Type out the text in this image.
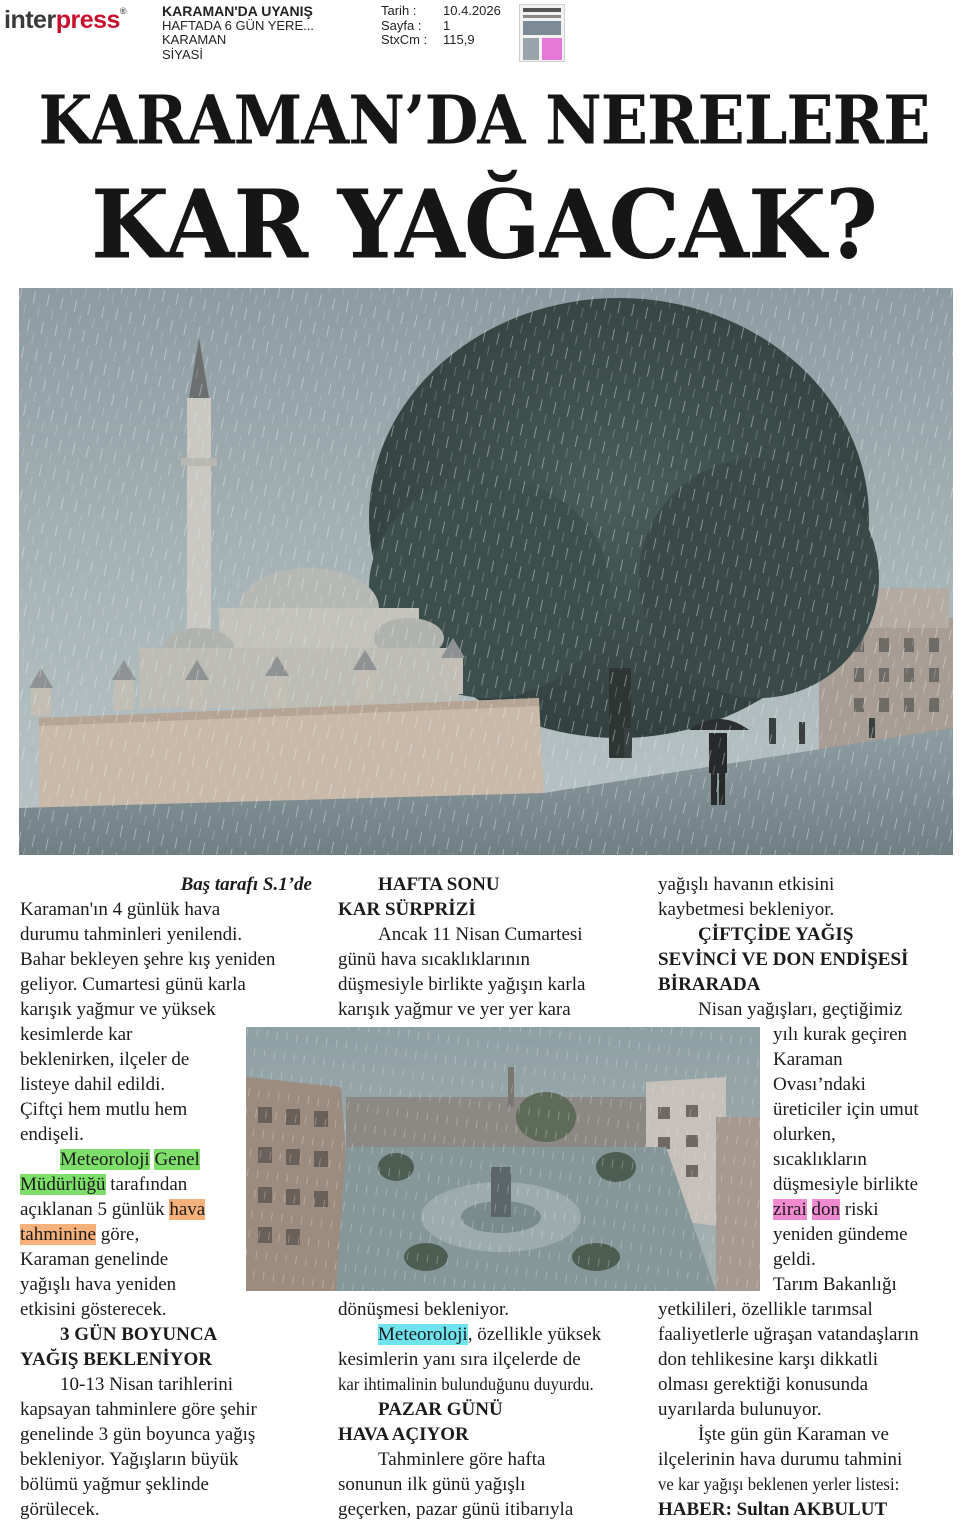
interpress®	KARAMAN'DA UYANIŞ
HAFTADA 6 GÜN YERE...
KARAMAN
SİYASİ
Tarih :	10.4.2026
Sayfa :	1
StxCm :	115,9
KARAMAN’DA NERELERE
KAR YAĞACAK?

Baş tarafı S.1’de

Karaman'ın 4 günlük hava
durumu tahminleri yenilendi.
Bahar bekleyen şehre kış yeniden
geliyor. Cumartesi günü karla
karışık yağmur ve yüksek
kesimlerde kar
beklenirken, ilçeler de
listeye dahil edildi.
Çiftçi hem mutlu hem
endişeli.

Meteoroloji Genel
Müdürlüğü tarafından
açıklanan 5 günlük hava
tahminine göre,
Karaman genelinde
yağışlı hava yeniden
etkisini gösterecek.

3 GÜN BOYUNCA

YAĞIŞ BEKLENİYOR

10-13 Nisan tarihlerini
kapsayan tahminlere göre şehir
genelinde 3 gün boyunca yağış
bekleniyor. Yağışların büyük
bölümü yağmur şeklinde
görülecek.

HAFTA SONU

KAR SÜRPRİZİ

Ancak 11 Nisan Cumartesi
günü hava sıcaklıklarının
düşmesiyle birlikte yağışın karla
karışık yağmur ve yer yer kara

dönüşmesi bekleniyor.

Meteoroloji, özellikle yüksek
kesimlerin yanı sıra ilçelerde de
kar ihtimalinin bulunduğunu duyurdu.

PAZAR GÜNÜ

HAVA AÇIYOR

Tahminlere göre hafta
sonunun ilk günü yağışlı
geçerken, pazar günü itibarıyla

yağışlı havanın etkisini
kaybetmesi bekleniyor.

ÇİFTÇİDE YAĞIŞ

SEVİNCİ VE DON ENDİŞESİ

BİRARADA

Nisan yağışları, geçtiğimiz

yılı kurak geçiren
Karaman
Ovası’ndaki
üreticiler için umut
olurken,
sıcaklıkların
düşmesiyle birlikte
zirai don riski
yeniden gündeme
geldi.
Tarım Bakanlığı

yetkilileri, özellikle tarımsal
faaliyetlerle uğraşan vatandaşların
don tehlikesine karşı dikkatli
olması gerektiği konusunda
uyarılarda bulunuyor.

İşte gün gün Karaman ve
ilçelerinin hava durumu tahmini
ve kar yağışı beklenen yerler listesi:

HABER: Sultan AKBULUT
